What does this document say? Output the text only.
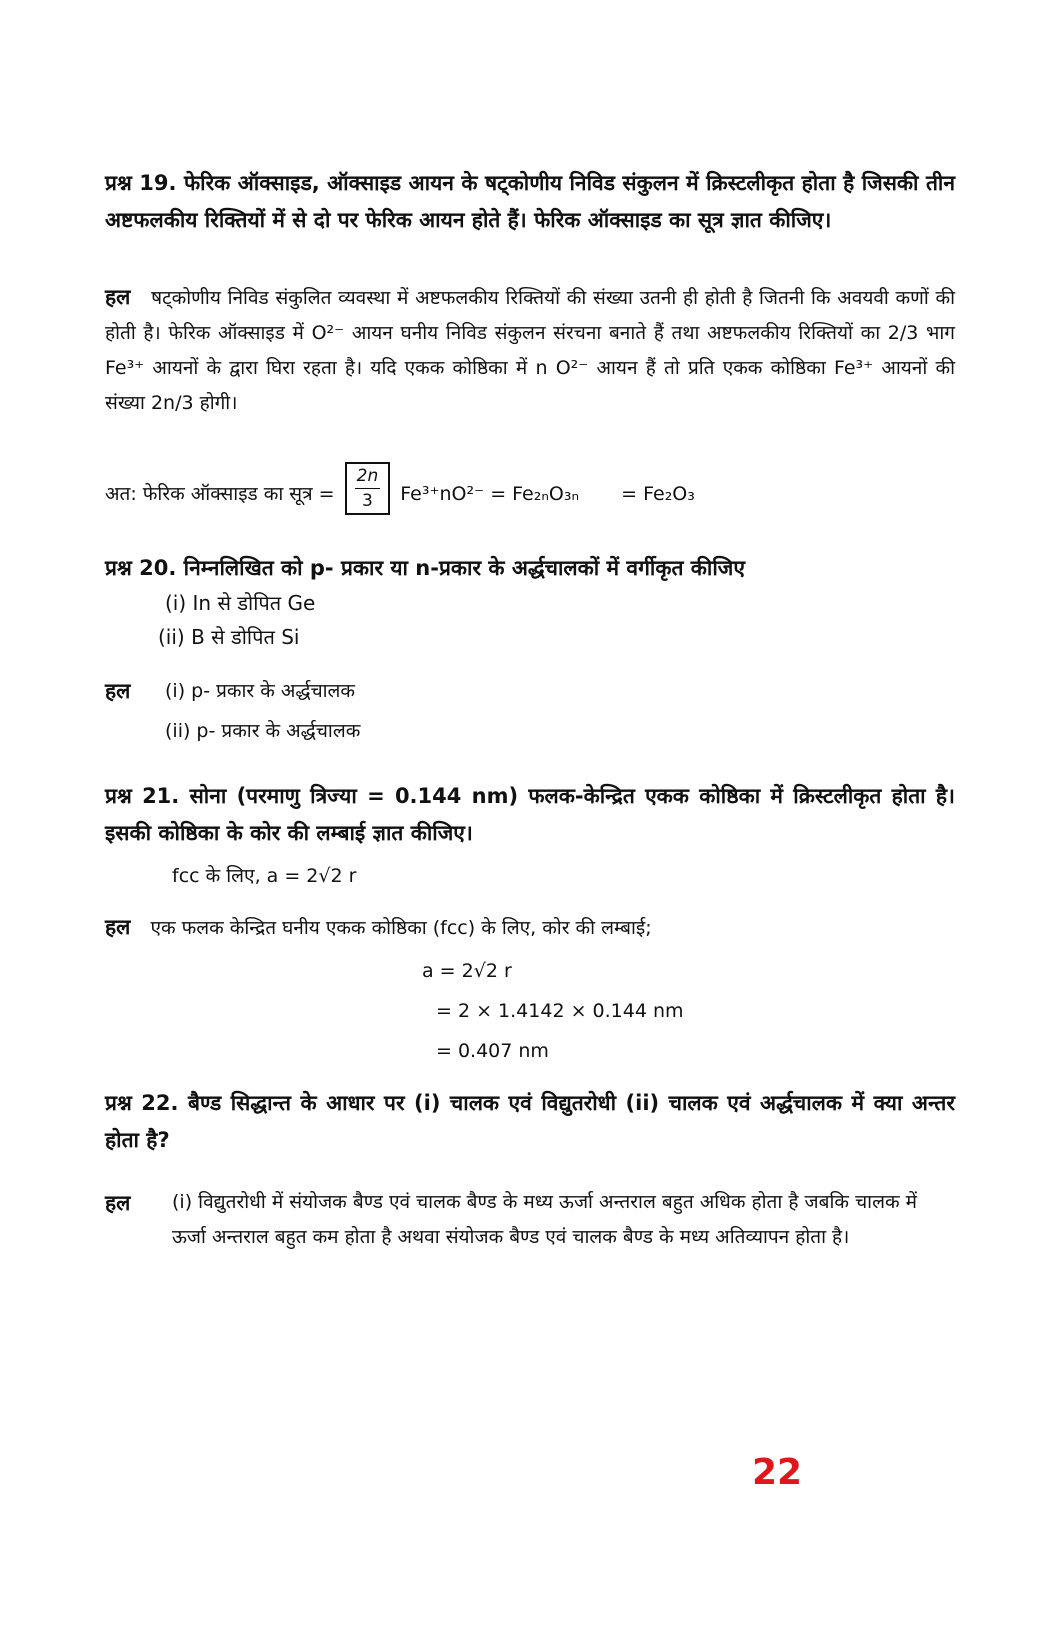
प्रश्न 19. फेरिक ऑक्साइड, ऑक्साइड आयन के षट्कोणीय निविड संकुलन में क्रिस्टलीकृत होता है जिसकी तीन अष्टफलकीय रिक्तियों में से दो पर फेरिक आयन होते हैं। फेरिक ऑक्साइड का सूत्र ज्ञात कीजिए।
हल षट्कोणीय निविड संकुलित व्यवस्था में अष्टफलकीय रिक्तियों की संख्या उतनी ही होती है जितनी कि अवयवी कणों की होती है। फेरिक ऑक्साइड में O²⁻ आयन घनीय निविड संकुलन संरचना बनाते हैं तथा अष्टफलकीय रिक्तियों का 2/3 भाग Fe³⁺ आयनों के द्वारा घिरा रहता है। यदि एकक कोष्ठिका में n O²⁻ आयन हैं तो प्रति एकक कोष्ठिका Fe³⁺ आयनों की संख्या 2n/3 होगी।
अत: फेरिक ऑक्साइड का सूत्र = $\frac{2n}{3} Fe^{3+}nO^{2-} = Fe_{2n}O_{3n} = Fe_2O_3$
प्रश्न 20. निम्नलिखित को p- प्रकार या n-प्रकार के अर्द्धचालकों में वर्गीकृत कीजिए
(i) In से डोपित Ge
(ii) B से डोपित Si
हल	(i) p- प्रकार के अर्द्धचालक
(ii) p- प्रकार के अर्द्धचालक
प्रश्न 21. सोना (परमाणु त्रिज्या = 0.144 nm) फलक-केन्द्रित एकक कोष्ठिका में क्रिस्टलीकृत होता है। इसकी कोष्ठिका के कोर की लम्बाई ज्ञात कीजिए।
fcc के लिए, a = 2√2 r
हल एक फलक केन्द्रित घनीय एकक कोष्ठिका (fcc) के लिए, कोर की लम्बाई;
a = 2√2 r
= 2 × 1.4142 × 0.144 nm
= 0.407 nm
प्रश्न 22. बैण्ड सिद्धान्त के आधार पर (i) चालक एवं विद्युतरोधी (ii) चालक एवं अर्द्धचालक में क्या अन्तर होता है?
हल	(i) विद्युतरोधी में संयोजक बैण्ड एवं चालक बैण्ड के मध्य ऊर्जा अन्तराल बहुत अधिक होता है जबकि चालक में ऊर्जा अन्तराल बहुत कम होता है अथवा संयोजक बैण्ड एवं चालक बैण्ड के मध्य अतिव्यापन होता है।
22
